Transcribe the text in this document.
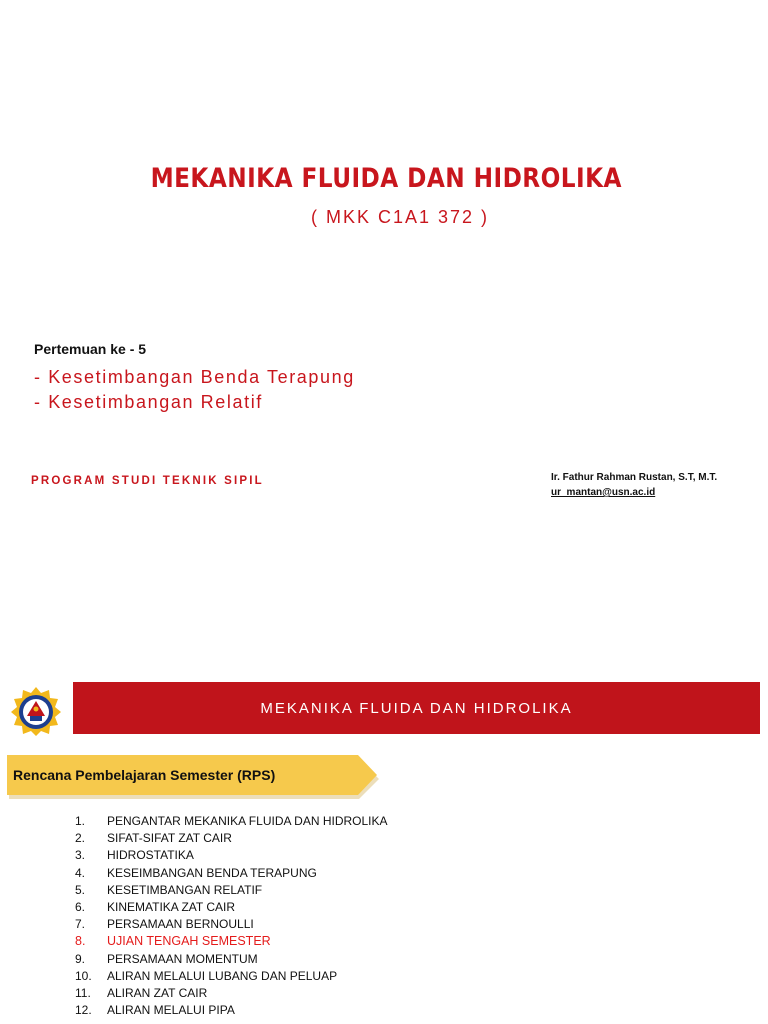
MEKANIKA FLUIDA DAN HIDROLIKA
( MKK C1A1 372 )
Pertemuan ke - 5
- Kesetimbangan Benda Terapung
- Kesetimbangan Relatif
PROGRAM STUDI TEKNIK SIPIL	Ir. Fathur Rahman Rustan, S.T, M.T.
ur_mantan@usn.ac.id
MEKANIKA FLUIDA DAN HIDROLIKA
Rencana Pembelajaran Semester (RPS)
1. PENGANTAR MEKANIKA FLUIDA DAN HIDROLIKA
2. SIFAT-SIFAT ZAT CAIR
3. HIDROSTATIKA
4. KESEIMBANGAN BENDA TERAPUNG
5. KESETIMBANGAN RELATIF
6. KINEMATIKA ZAT CAIR
7. PERSAMAAN BERNOULLI
8. UJIAN TENGAH SEMESTER
9. PERSAMAAN MOMENTUM
10. ALIRAN MELALUI LUBANG DAN PELUAP
11. ALIRAN ZAT CAIR
12. ALIRAN MELALUI PIPA
